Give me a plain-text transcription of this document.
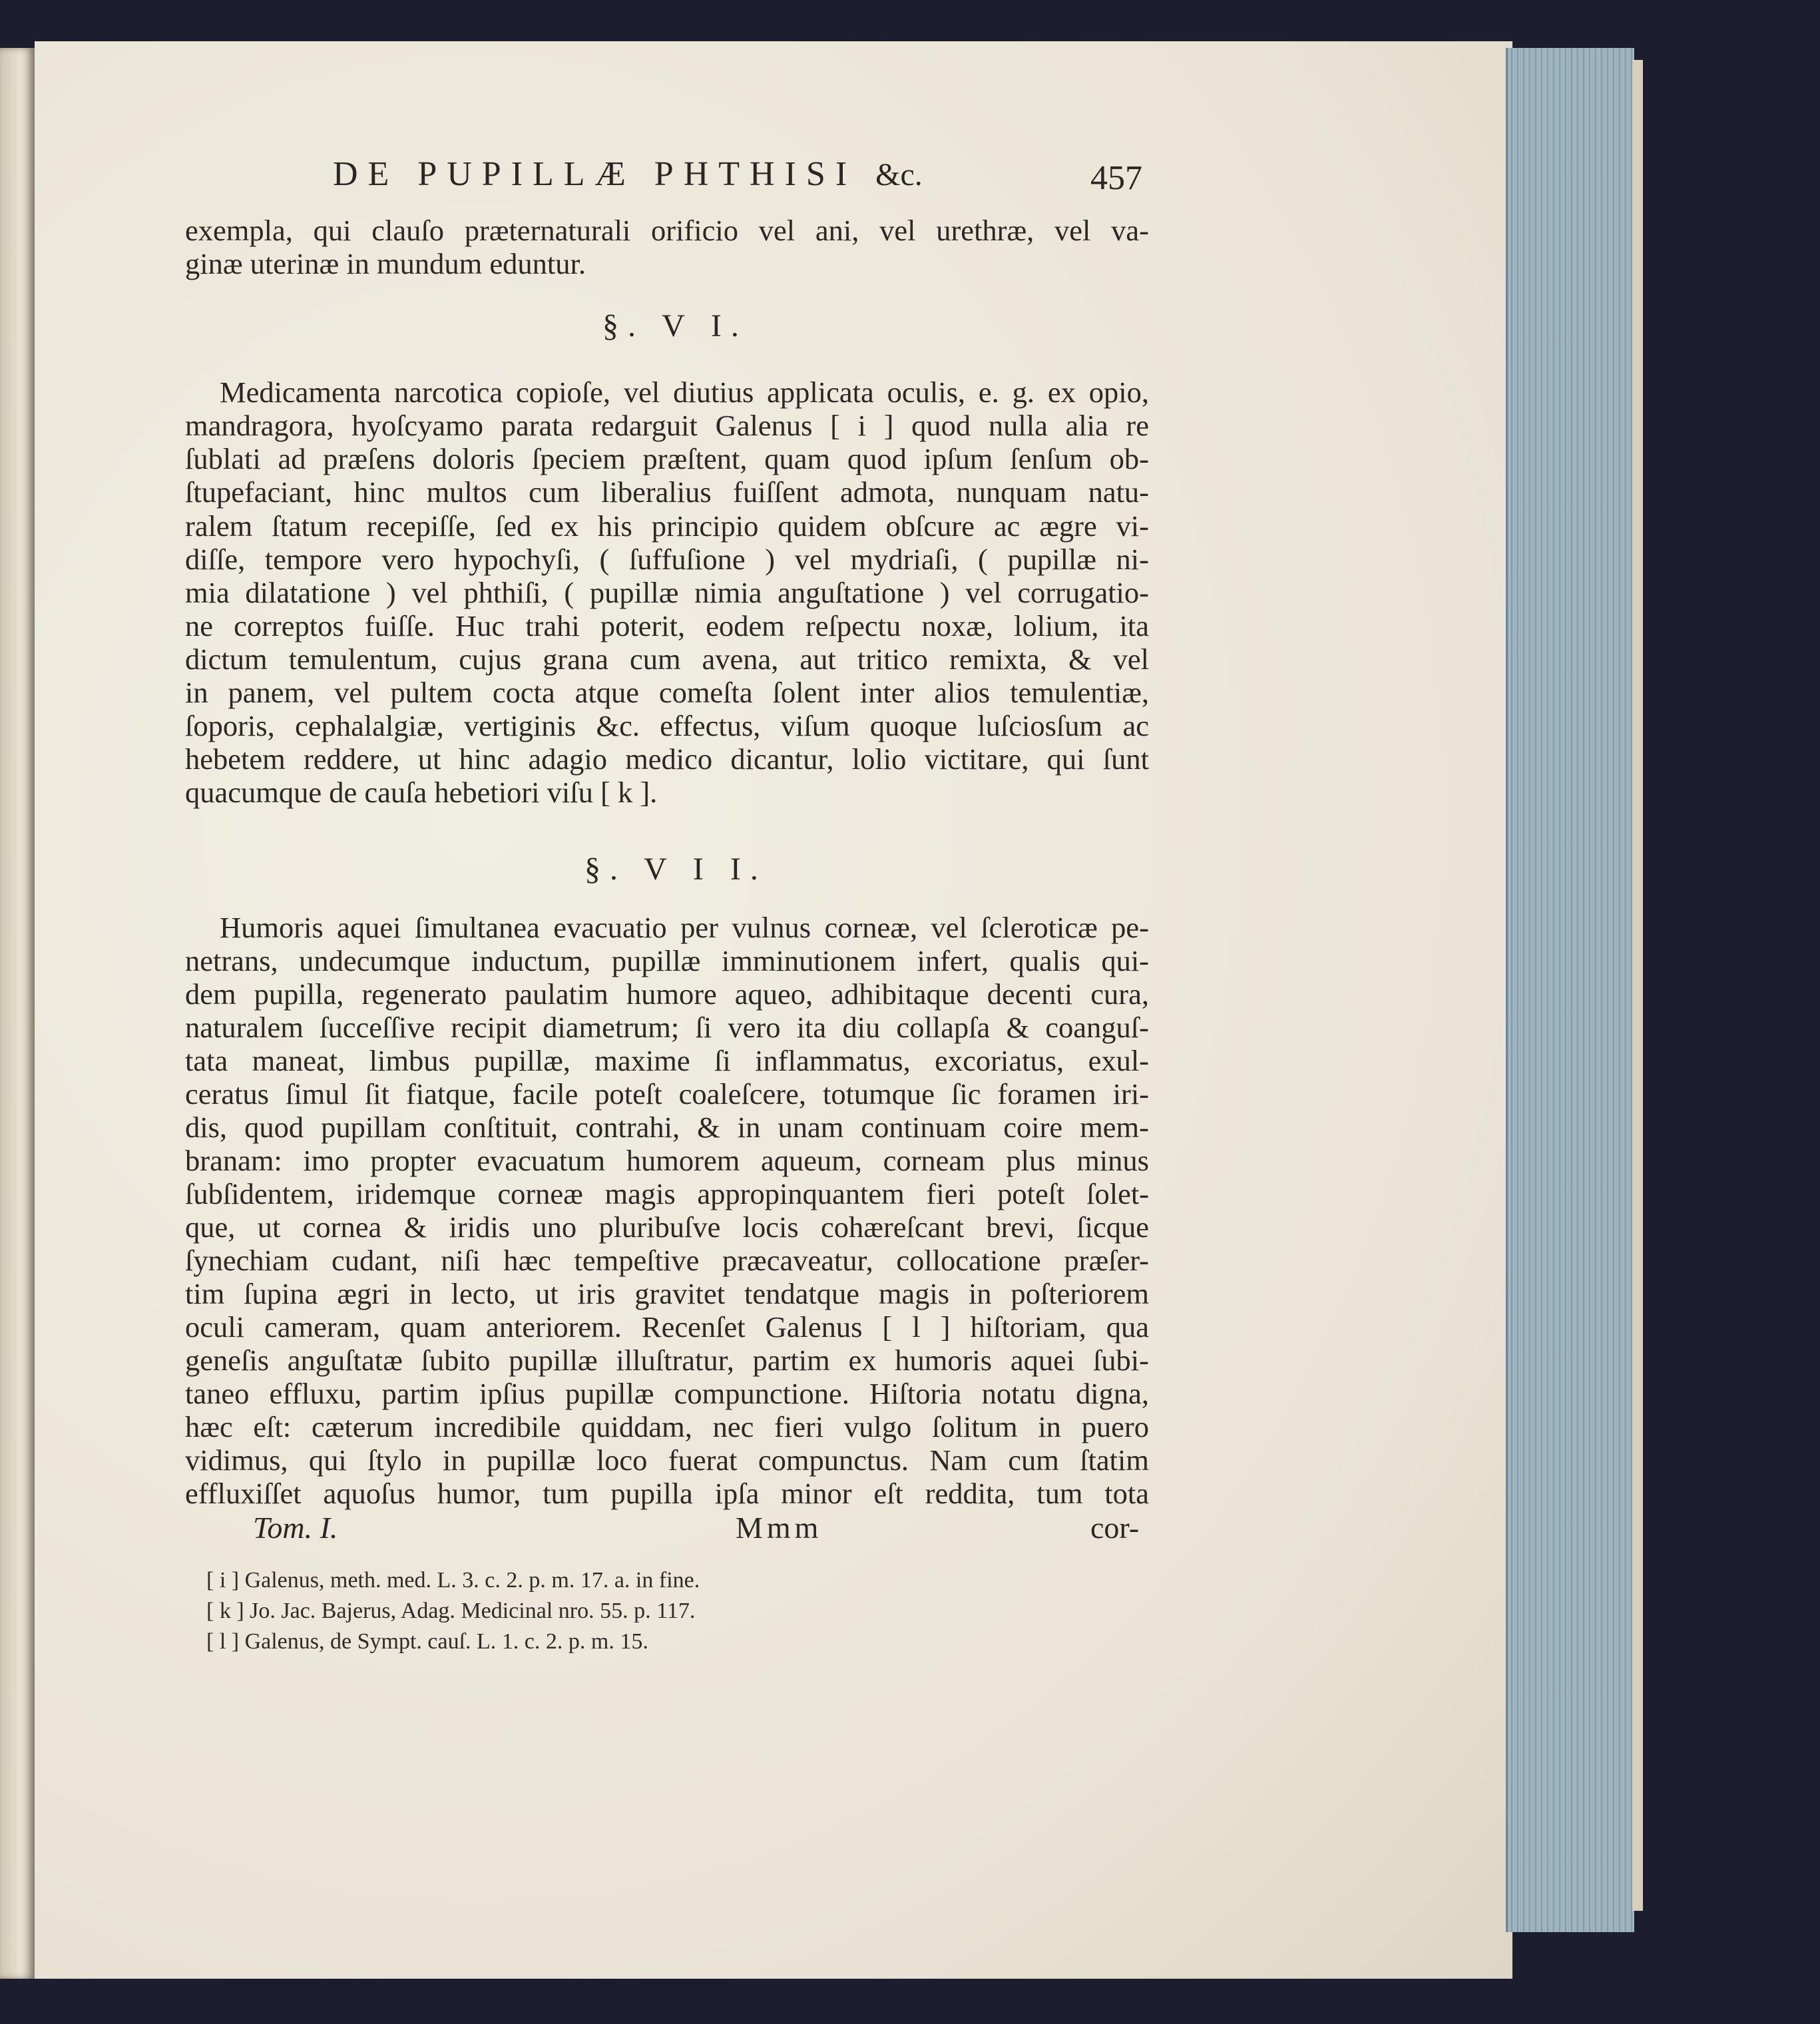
DE PUPILLÆ PHTHISI &c.	457
exempla, qui clauſo præternaturali orificio vel ani, vel urethræ, vel va-
ginæ uterinæ in mundum eduntur.
§. V I.
Medicamenta narcotica copioſe, vel diutius applicata oculis, e. g. ex opio,
mandragora, hyoſcyamo parata redarguit Galenus [ i ] quod nulla alia re
ſublati ad præſens doloris ſpeciem præſtent, quam quod ipſum ſenſum ob-
ſtupefaciant, hinc multos cum liberalius fuiſſent admota, nunquam natu-
ralem ſtatum recepiſſe, ſed ex his principio quidem obſcure ac ægre vi-
diſſe, tempore vero hypochyſi, ( ſuffuſione ) vel mydriaſi, ( pupillæ ni-
mia dilatatione ) vel phthiſi, ( pupillæ nimia anguſtatione ) vel corrugatio-
ne correptos fuiſſe. Huc trahi poterit, eodem reſpectu noxæ, lolium, ita
dictum temulentum, cujus grana cum avena, aut tritico remixta, & vel
in panem, vel pultem cocta atque comeſta ſolent inter alios temulentiæ,
ſoporis, cephalalgiæ, vertiginis &c. effectus, viſum quoque luſciosſum ac
hebetem reddere, ut hinc adagio medico dicantur, lolio victitare, qui ſunt
quacumque de cauſa hebetiori viſu [ k ].
§. V I I.
Humoris aquei ſimultanea evacuatio per vulnus corneæ, vel ſcleroticæ pe-
netrans, undecumque inductum, pupillæ imminutionem infert, qualis qui-
dem pupilla, regenerato paulatim humore aqueo, adhibitaque decenti cura,
naturalem ſucceſſive recipit diametrum; ſi vero ita diu collapſa & coanguſ-
tata maneat, limbus pupillæ, maxime ſi inflammatus, excoriatus, exul-
ceratus ſimul ſit fiatque, facile poteſt coaleſcere, totumque ſic foramen iri-
dis, quod pupillam conſtituit, contrahi, & in unam continuam coire mem-
branam: imo propter evacuatum humorem aqueum, corneam plus minus
ſubſidentem, iridemque corneæ magis appropinquantem fieri poteſt ſolet-
que, ut cornea & iridis uno pluribuſve locis cohæreſcant brevi, ſicque
ſynechiam cudant, niſi hæc tempeſtive præcaveatur, collocatione præſer-
tim ſupina ægri in lecto, ut iris gravitet tendatque magis in poſteriorem
oculi cameram, quam anteriorem. Recenſet Galenus [ l ] hiſtoriam, qua
geneſis anguſtatæ ſubito pupillæ illuſtratur, partim ex humoris aquei ſubi-
taneo effluxu, partim ipſius pupillæ compunctione. Hiſtoria notatu digna,
hæc eſt: cæterum incredibile quiddam, nec fieri vulgo ſolitum in puero
vidimus, qui ſtylo in pupillæ loco fuerat compunctus. Nam cum ſtatim
effluxiſſet aquoſus humor, tum pupilla ipſa minor eſt reddita, tum tota
Tom. I.	Mmm	cor-
[ i ] Galenus, meth. med. L. 3. c. 2. p. m. 17. a. in fine.
[ k ] Jo. Jac. Bajerus, Adag. Medicinal nro. 55. p. 117.
[ l ] Galenus, de Sympt. cauſ. L. 1. c. 2. p. m. 15.
